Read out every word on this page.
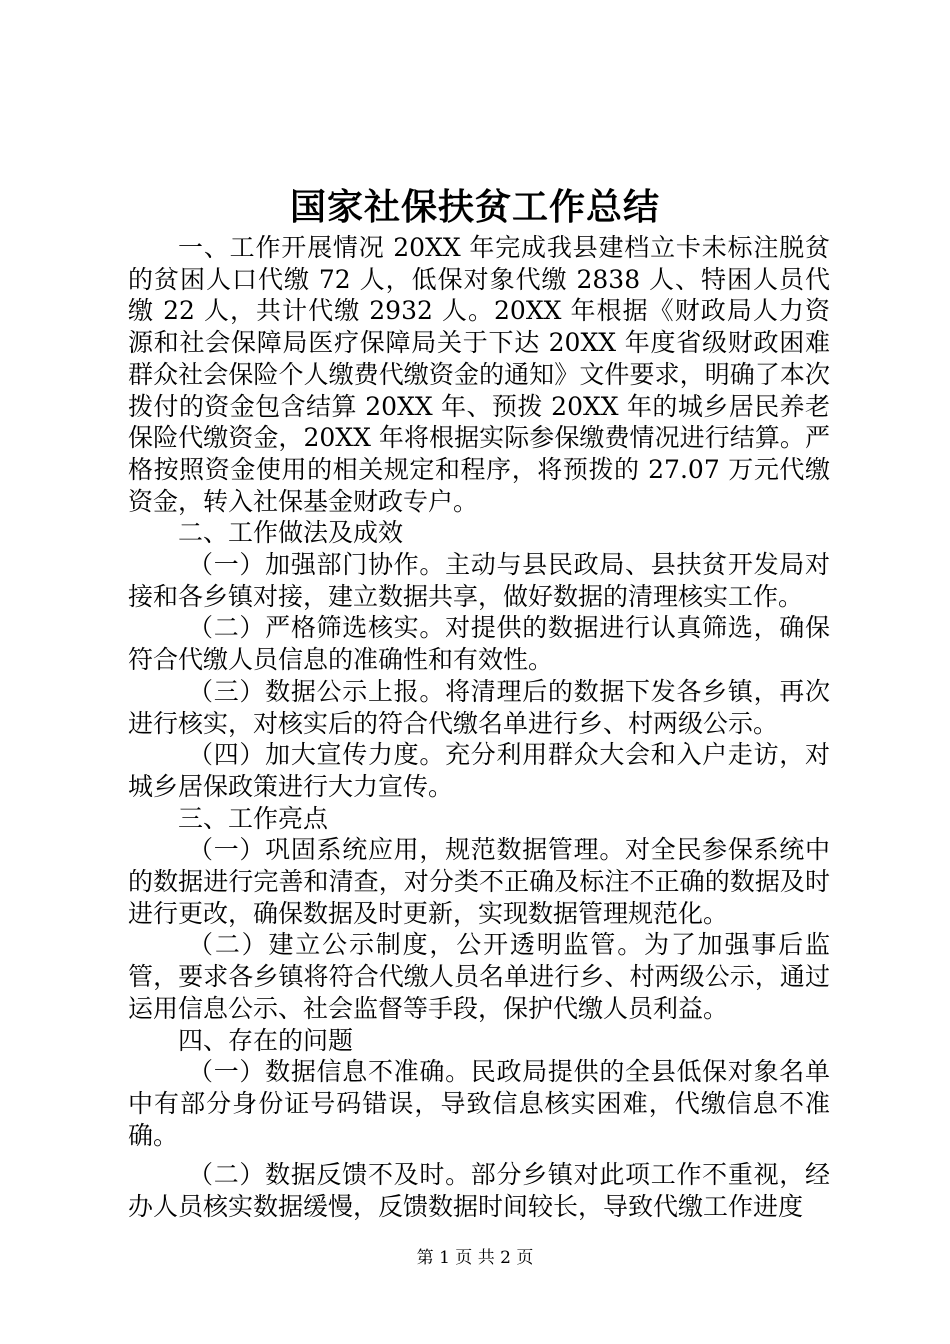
国家社保扶贫工作总结

一、工作开展情况 20XX 年完成我县建档立卡未标注脱贫的贫困人口代缴 72 人，低保对象代缴 2838 人、特困人员代缴 22 人，共计代缴 2932 人。20XX 年根据《财政局人力资源和社会保障局医疗保障局关于下达 20XX 年度省级财政困难群众社会保险个人缴费代缴资金的通知》文件要求，明确了本次拨付的资金包含结算 20XX 年、预拨 20XX 年的城乡居民养老保险代缴资金，20XX 年将根据实际参保缴费情况进行结算。严格按照资金使用的相关规定和程序，将预拨的 27.07 万元代缴资金，转入社保基金财政专户。

二、工作做法及成效

（一）加强部门协作。主动与县民政局、县扶贫开发局对接和各乡镇对接，建立数据共享，做好数据的清理核实工作。

（二）严格筛选核实。对提供的数据进行认真筛选，确保符合代缴人员信息的准确性和有效性。

（三）数据公示上报。将清理后的数据下发各乡镇，再次进行核实，对核实后的符合代缴名单进行乡、村两级公示。

（四）加大宣传力度。充分利用群众大会和入户走访，对城乡居保政策进行大力宣传。

三、工作亮点

（一）巩固系统应用，规范数据管理。对全民参保系统中的数据进行完善和清查，对分类不正确及标注不正确的数据及时进行更改，确保数据及时更新，实现数据管理规范化。

（二）建立公示制度，公开透明监管。为了加强事后监管，要求各乡镇将符合代缴人员名单进行乡、村两级公示，通过运用信息公示、社会监督等手段，保护代缴人员利益。

四、存在的问题

（一）数据信息不准确。民政局提供的全县低保对象名单中有部分身份证号码错误，导致信息核实困难，代缴信息不准确。

（二）数据反馈不及时。部分乡镇对此项工作不重视，经办人员核实数据缓慢，反馈数据时间较长，导致代缴工作进度

第 1 页 共 2 页
